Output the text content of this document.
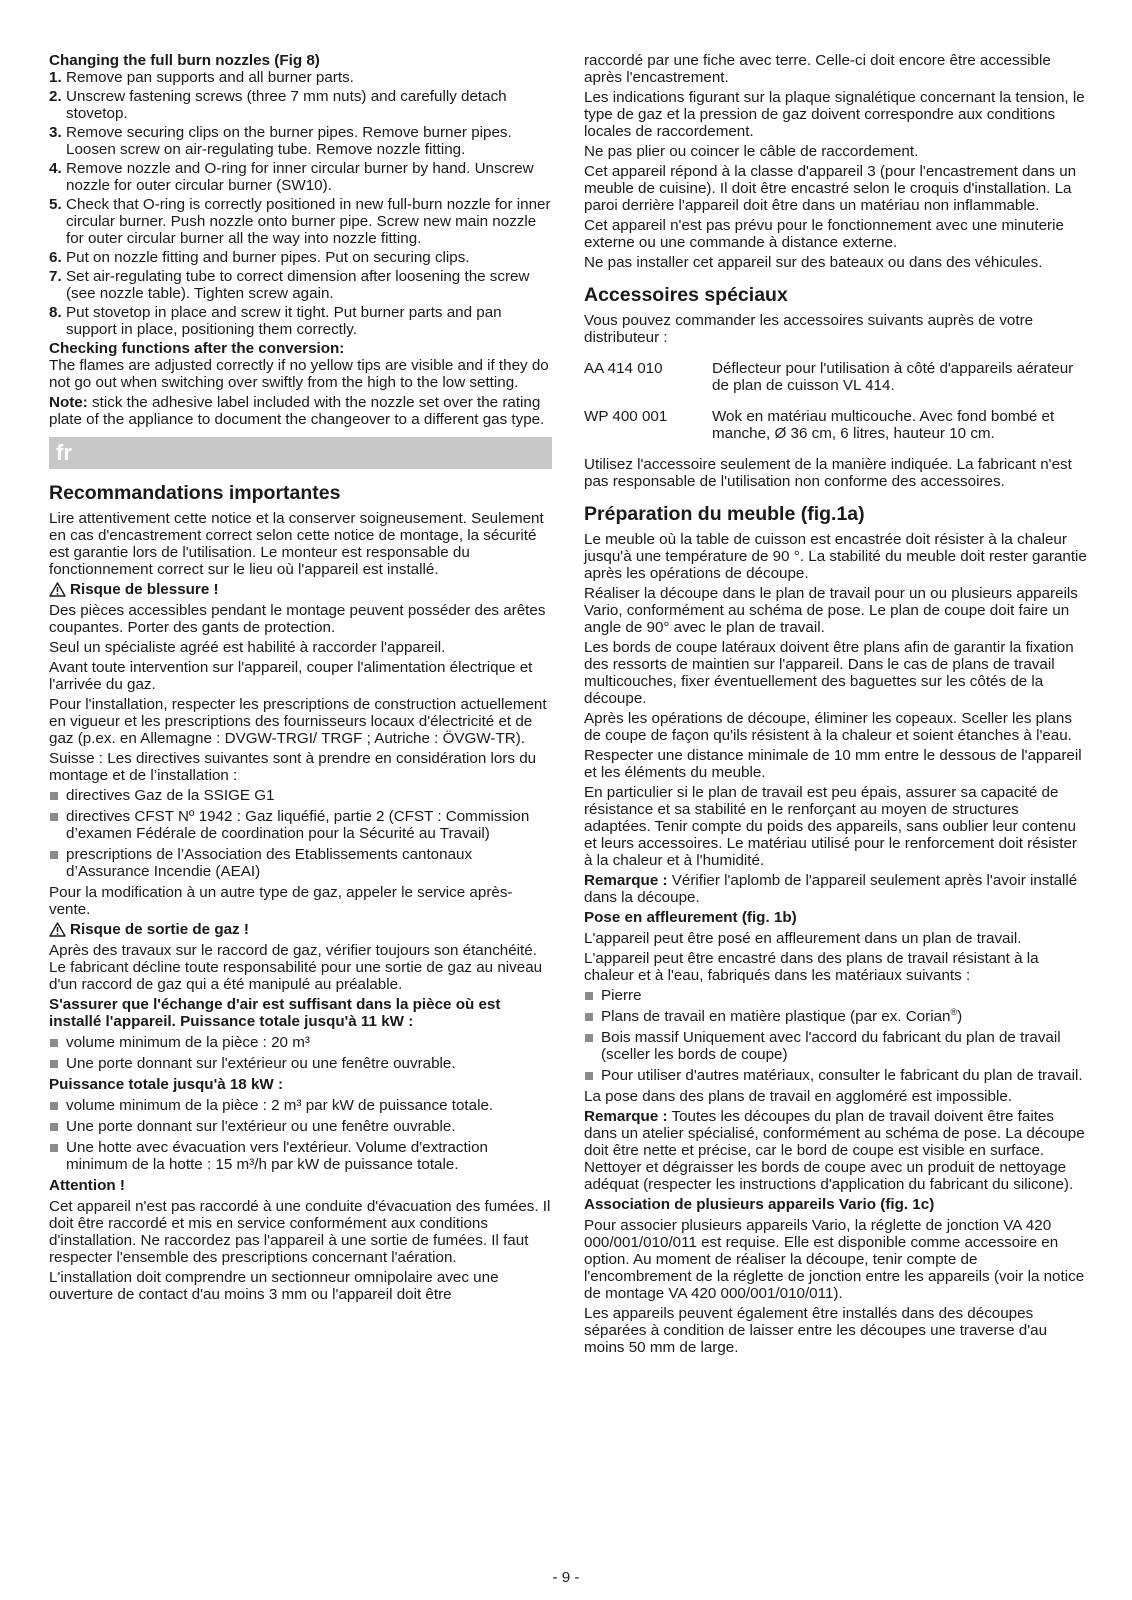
Changing the full burn nozzles (Fig 8)

1. Remove pan supports and all burner parts.
2. Unscrew fastening screws (three 7 mm nuts) and carefully detach stovetop.
3. Remove securing clips on the burner pipes. Remove burner pipes. Loosen screw on air-regulating tube. Remove nozzle fitting.
4. Remove nozzle and O-ring for inner circular burner by hand. Unscrew nozzle for outer circular burner (SW10).
5. Check that O-ring is correctly positioned in new full-burn nozzle for inner circular burner. Push nozzle onto burner pipe. Screw new main nozzle for outer circular burner all the way into nozzle fitting.
6. Put on nozzle fitting and burner pipes. Put on securing clips.
7. Set air-regulating tube to correct dimension after loosening the screw (see nozzle table). Tighten screw again.
8. Put stovetop in place and screw it tight. Put burner parts and pan support in place, positioning them correctly.

Checking functions after the conversion:

The flames are adjusted correctly if no yellow tips are visible and if they do not go out when switching over swiftly from the high to the low setting.

Note: stick the adhesive label included with the nozzle set over the rating plate of the appliance to document the changeover to a different gas type.

fr
Recommandations importantes

Lire attentivement cette notice et la conserver soigneusement. Seulement en cas d'encastrement correct selon cette notice de montage, la sécurité est garantie lors de l'utilisation. Le monteur est responsable du fonctionnement correct sur le lieu où l'appareil est installé.

Risque de blessure !

Des pièces accessibles pendant le montage peuvent posséder des arêtes coupantes. Porter des gants de protection.

Seul un spécialiste agréé est habilité à raccorder l'appareil.

Avant toute intervention sur l'appareil, couper l'alimentation électrique et l'arrivée du gaz.

Pour l'installation, respecter les prescriptions de construction actuellement en vigueur et les prescriptions des fournisseurs locaux d'électricité et de gaz (p.ex. en Allemagne : DVGW-TRGI/ TRGF ; Autriche : ÖVGW-TR).

Suisse : Les directives suivantes sont à prendre en considération lors du montage et de l’installation :

directives Gaz de la SSIGE G1
directives CFST Nº 1942 : Gaz liquéfié, partie 2 (CFST : Commission d’examen Fédérale de coordination pour la Sécurité au Travail)
prescriptions de l’Association des Etablissements cantonaux d’Assurance Incendie (AEAI)

Pour la modification à un autre type de gaz, appeler le service après-vente.

Risque de sortie de gaz !

Après des travaux sur le raccord de gaz, vérifier toujours son étanchéité. Le fabricant décline toute responsabilité pour une sortie de gaz au niveau d'un raccord de gaz qui a été manipulé au préalable.

S'assurer que l'échange d'air est suffisant dans la pièce où est installé l'appareil. Puissance totale jusqu'à 11 kW :

volume minimum de la pièce : 20 m³
Une porte donnant sur l'extérieur ou une fenêtre ouvrable.

Puissance totale jusqu'à 18 kW :

volume minimum de la pièce : 2 m³ par kW de puissance totale.
Une porte donnant sur l'extérieur ou une fenêtre ouvrable.
Une hotte avec évacuation vers l'extérieur. Volume d'extraction minimum de la hotte : 15 m³/h par kW de puissance totale.

Attention !

Cet appareil n'est pas raccordé à une conduite d'évacuation des fumées. Il doit être raccordé et mis en service conformément aux conditions d'installation. Ne raccordez pas l'appareil à une sortie de fumées. Il faut respecter l'ensemble des prescriptions concernant l'aération.

L'installation doit comprendre un sectionneur omnipolaire avec une ouverture de contact d'au moins 3 mm ou l'appareil doit être

raccordé par une fiche avec terre. Celle-ci doit encore être accessible après l'encastrement.

Les indications figurant sur la plaque signalétique concernant la tension, le type de gaz et la pression de gaz doivent correspondre aux conditions locales de raccordement.

Ne pas plier ou coincer le câble de raccordement.

Cet appareil répond à la classe d'appareil 3 (pour l'encastrement dans un meuble de cuisine). Il doit être encastré selon le croquis d'installation. La paroi derrière l'appareil doit être dans un matériau non inflammable.

Cet appareil n'est pas prévu pour le fonctionnement avec une minuterie externe ou une commande à distance externe.

Ne pas installer cet appareil sur des bateaux ou dans des véhicules.

Accessoires spéciaux

Vous pouvez commander les accessoires suivants auprès de votre distributeur :

AA 414 010	Déflecteur pour l'utilisation à côté d'appareils aérateur de plan de cuisson VL 414.
WP 400 001	Wok en matériau multicouche. Avec fond bombé et manche, Ø 36 cm, 6 litres, hauteur 10 cm.

Utilisez l'accessoire seulement de la manière indiquée. La fabricant n'est pas responsable de l'utilisation non conforme des accessoires.

Préparation du meuble (fig.1a)

Le meuble où la table de cuisson est encastrée doit résister à la chaleur jusqu'à une température de 90 °. La stabilité du meuble doit rester garantie après les opérations de découpe.

Réaliser la découpe dans le plan de travail pour un ou plusieurs appareils Vario, conformément au schéma de pose. Le plan de coupe doit faire un angle de 90° avec le plan de travail.

Les bords de coupe latéraux doivent être plans afin de garantir la fixation des ressorts de maintien sur l'appareil. Dans le cas de plans de travail multicouches, fixer éventuellement des baguettes sur les côtés de la découpe.

Après les opérations de découpe, éliminer les copeaux. Sceller les plans de coupe de façon qu'ils résistent à la chaleur et soient étanches à l'eau.

Respecter une distance minimale de 10 mm entre le dessous de l'appareil et les éléments du meuble.

En particulier si le plan de travail est peu épais, assurer sa capacité de résistance et sa stabilité en le renforçant au moyen de structures adaptées. Tenir compte du poids des appareils, sans oublier leur contenu et leurs accessoires. Le matériau utilisé pour le renforcement doit résister à la chaleur et à l'humidité.

Remarque : Vérifier l'aplomb de l'appareil seulement après l'avoir installé dans la découpe.

Pose en affleurement (fig. 1b)

L'appareil peut être posé en affleurement dans un plan de travail.

L'appareil peut être encastré dans des plans de travail résistant à la chaleur et à l'eau, fabriqués dans les matériaux suivants :

Pierre
Plans de travail en matière plastique (par ex. Corian®)
Bois massif Uniquement avec l'accord du fabricant du plan de travail (sceller les bords de coupe)
Pour utiliser d'autres matériaux, consulter le fabricant du plan de travail.

La pose dans des plans de travail en aggloméré est impossible.

Remarque : Toutes les découpes du plan de travail doivent être faites dans un atelier spécialisé, conformément au schéma de pose. La découpe doit être nette et précise, car le bord de coupe est visible en surface. Nettoyer et dégraisser les bords de coupe avec un produit de nettoyage adéquat (respecter les instructions d'application du fabricant du silicone).

Association de plusieurs appareils Vario (fig. 1c)

Pour associer plusieurs appareils Vario, la réglette de jonction VA 420 000/001/010/011 est requise. Elle est disponible comme accessoire en option. Au moment de réaliser la découpe, tenir compte de l'encombrement de la réglette de jonction entre les appareils (voir la notice de montage VA 420 000/001/010/011).

Les appareils peuvent également être installés dans des découpes séparées à condition de laisser entre les découpes une traverse d'au moins 50 mm de large.

- 9 -
